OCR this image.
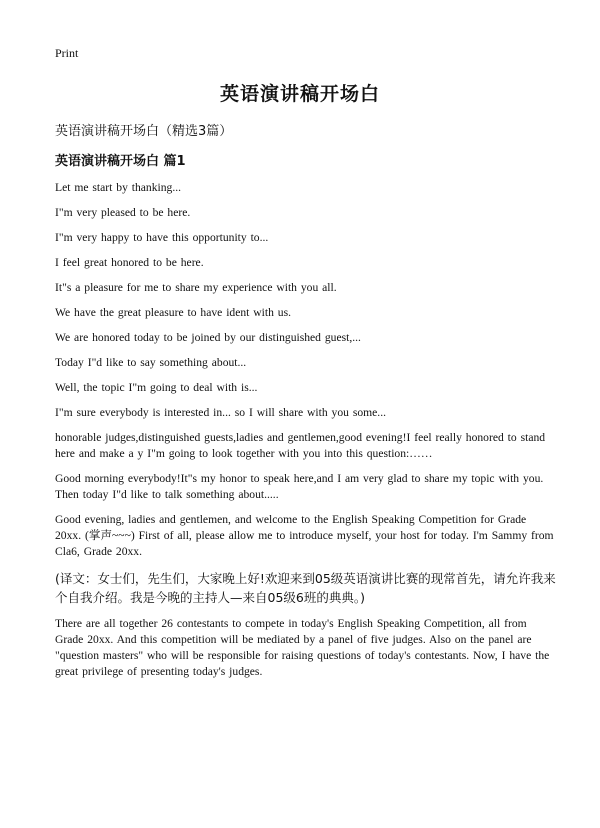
Print
英语演讲稿开场白
英语演讲稿开场白（精选3篇）
英语演讲稿开场白 篇1

Let me start by thanking...

I"m very pleased to be here.

I"m very happy to have this opportunity to...

I feel great honored to be here.

It"s a pleasure for me to share my experience with you all.

We have the great pleasure to have ident with us.

We are honored today to be joined by our distinguished guest,...

Today I"d like to say something about...

Well, the topic I"m going to deal with is...

I"m sure everybody is interested in... so I will share with you some...

honorable judges,distinguished guests,ladies and gentlemen,good evening!I feel really honored to stand here and make a y I"m going to look together with you into this question:……

Good morning everybody!It"s my honor to speak here,and I am very glad to share my topic with you. Then today I"d like to talk something about.....

Good evening, ladies and gentlemen, and welcome to the English Speaking Competition for Grade 20xx. (掌声~~~) First of all, please allow me to introduce myself, your host for today. I'm Sammy from Cla6, Grade 20xx.

(译文：女士们，先生们，大家晚上好!欢迎来到05级英语演讲比赛的现常首先，请允许我来个自我介绍。我是今晚的主持人—来自05级6班的典典。)

There are all together 26 contestants to compete in today's English Speaking Competition, all from Grade 20xx. And this competition will be mediated by a panel of five judges. Also on the panel are "question masters" who will be responsible for raising questions of today's contestants. Now, I have the great privilege of presenting today's judges.
